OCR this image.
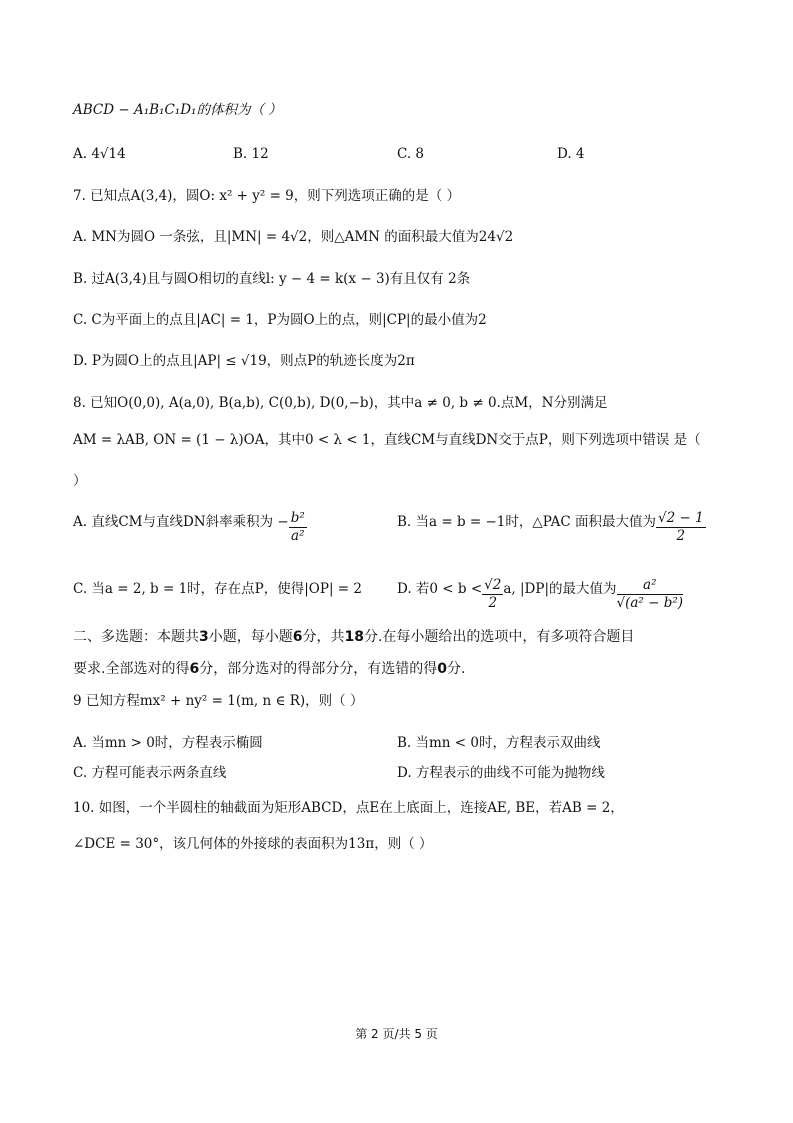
ABCD − A₁B₁C₁D₁的体积为（ ）
A. 4√14	B. 12	C. 8	D. 4
7. 已知点A(3,4)，圆O: x² + y² = 9，则下列选项正确的是（ ）
A. MN为圆O 一条弦，且|MN| = 4√2，则△AMN 的面积最大值为24√2
B. 过A(3,4)且与圆O相切的直线l: y − 4 = k(x − 3)有且仅有 2条
C. C为平面上的点且|AC| = 1，P为圆O上的点，则|CP|的最小值为2
D. P为圆O上的点且|AP| ≤ √19，则点P的轨迹长度为2π
8. 已知O(0,0), A(a,0), B(a,b), C(0,b), D(0,−b)，其中a ≠ 0, b ≠ 0.点M，N分别满足
AM = λAB, ON = (1 − λ)OA，其中0 < λ < 1，直线CM与直线DN交于点P，则下列选项中错误 是（
）
A. 直线CM与直线DN斜率乘积为 − $\frac{\text{b²}}{\text{a²}}$	B. 当a = b = −1时，△PAC 面积最大值为 $\frac{√2 - 1}{2}$
C. 当a = 2, b = 1时，存在点P，使得|OP| = 2	D. 若$0 < b < \frac{√2}{2} a$, |DP|的最大值为 $\frac{\text{a²}}{\text{√(a² − b²)}}$
二、多选题：本题共3小题，每小题6分，共18分.在每小题给出的选项中，有多项符合题目
要求.全部选对的得6分，部分选对的得部分分，有选错的得0分.
9 已知方程mx² + ny² = 1(m, n ∈ R)，则（ ）
A. 当mn > 0时，方程表示椭圆	B. 当mn < 0时，方程表示双曲线
C. 方程可能表示两条直线	D. 方程表示的曲线不可能为抛物线
10. 如图，一个半圆柱的轴截面为矩形ABCD，点E在上底面上，连接AE, BE，若AB = 2，
∠DCE = 30°，该几何体的外接球的表面积为13π，则（ ）
第 2 页/共 5 页
